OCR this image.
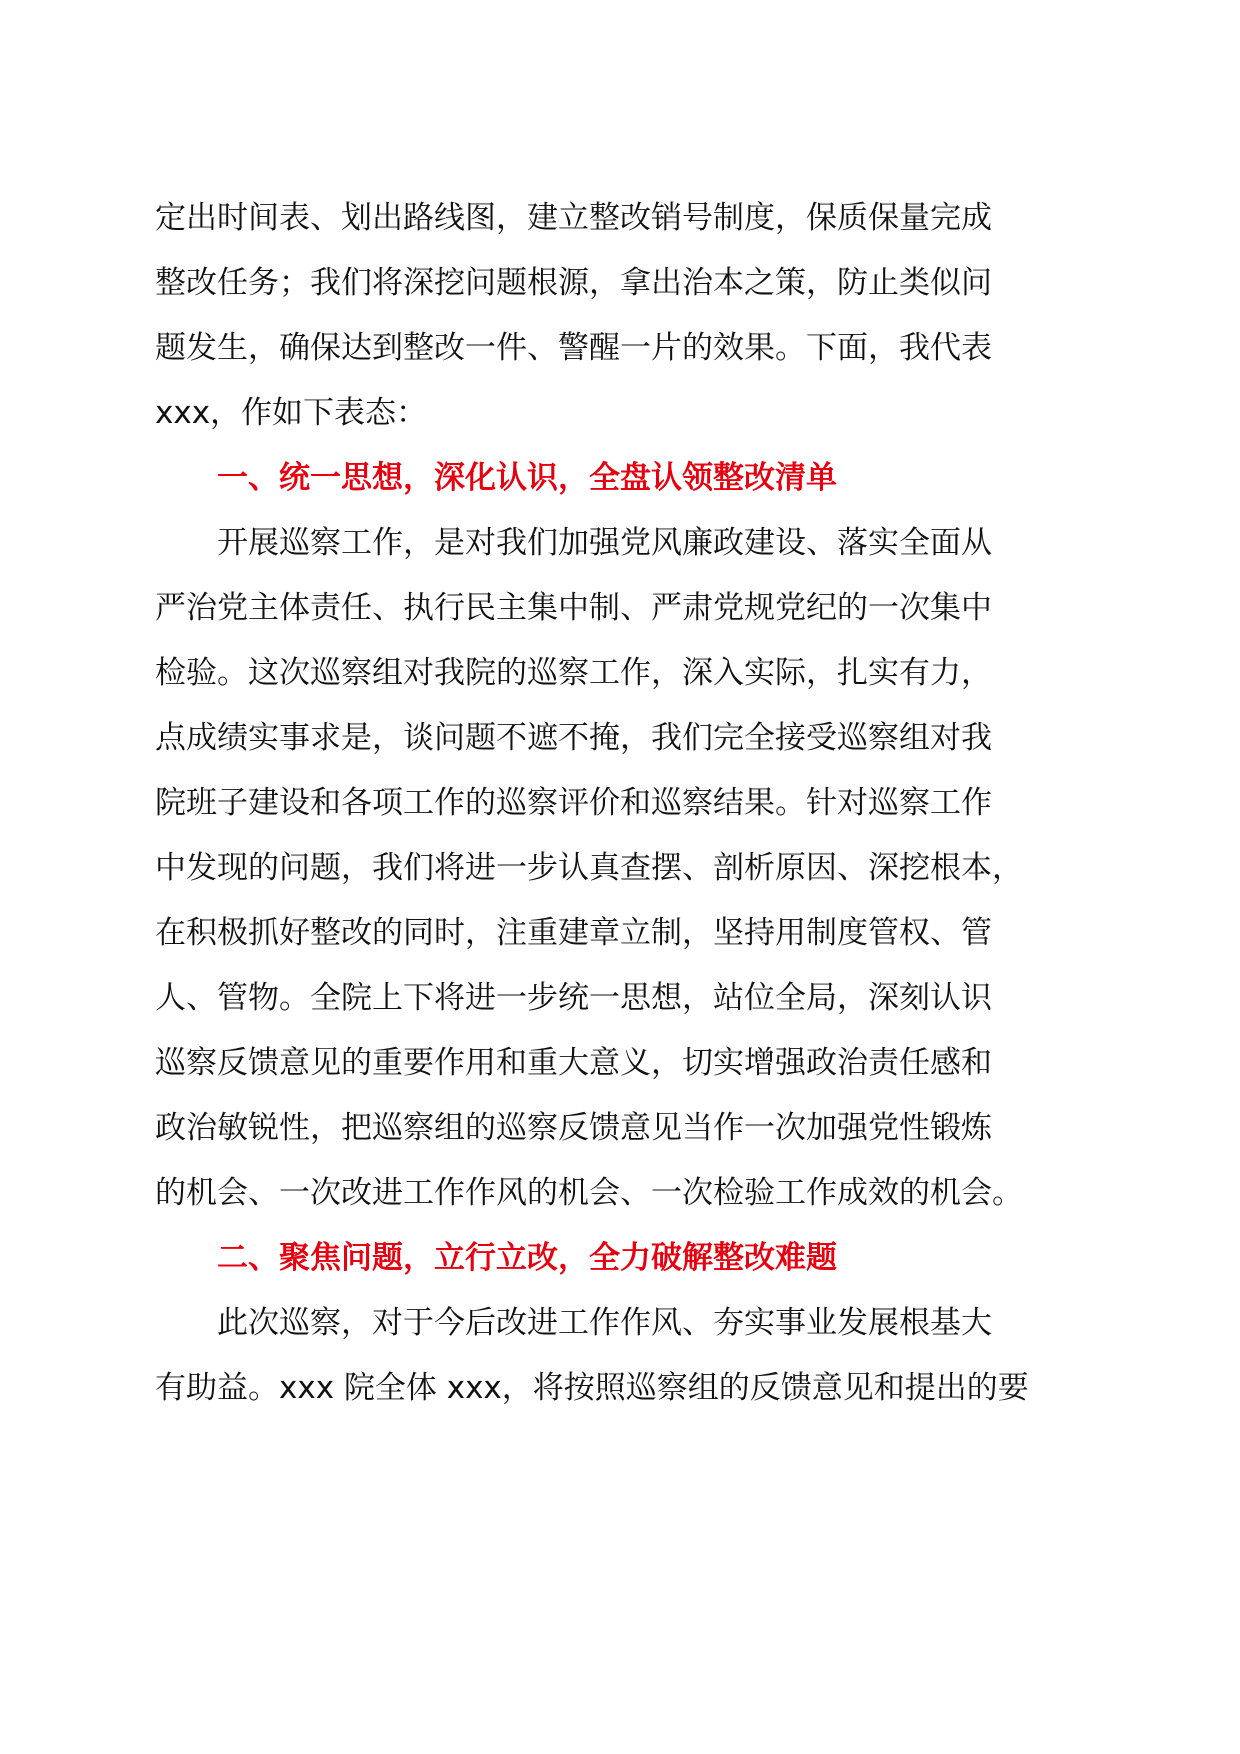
定出时间表、划出路线图，建立整改销号制度，保质保量完成
整改任务；我们将深挖问题根源，拿出治本之策，防止类似问
题发生，确保达到整改一件、警醒一片的效果。下面，我代表
xxx，作如下表态：
一、统一思想，深化认识，全盘认领整改清单
开展巡察工作，是对我们加强党风廉政建设、落实全面从
严治党主体责任、执行民主集中制、严肃党规党纪的一次集中
检验。这次巡察组对我院的巡察工作，深入实际，扎实有力，
点成绩实事求是，谈问题不遮不掩，我们完全接受巡察组对我
院班子建设和各项工作的巡察评价和巡察结果。针对巡察工作
中发现的问题，我们将进一步认真查摆、剖析原因、深挖根本，
在积极抓好整改的同时，注重建章立制，坚持用制度管权、管
人、管物。全院上下将进一步统一思想，站位全局，深刻认识
巡察反馈意见的重要作用和重大意义，切实增强政治责任感和
政治敏锐性，把巡察组的巡察反馈意见当作一次加强党性锻炼
的机会、一次改进工作作风的机会、一次检验工作成效的机会。
二、聚焦问题，立行立改，全力破解整改难题
此次巡察，对于今后改进工作作风、夯实事业发展根基大
有助益。xxx 院全体 xxx，将按照巡察组的反馈意见和提出的要
